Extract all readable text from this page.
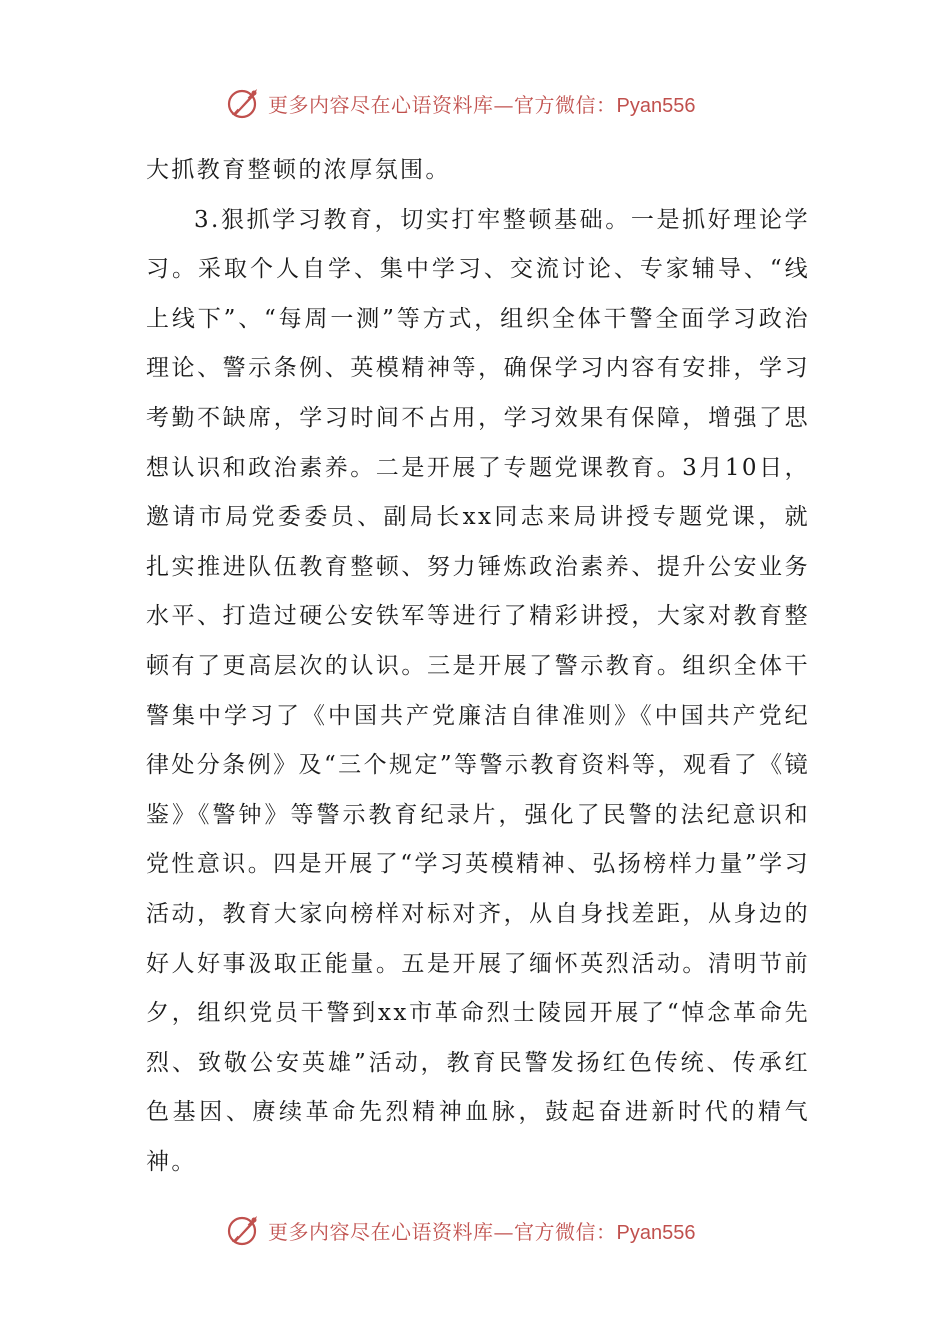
更多内容尽在心语资料库—官方微信：Pyan556

大抓教育整顿的浓厚氛围。

3.狠抓学习教育，切实打牢整顿基础。一是抓好理论学习。采取个人自学、集中学习、交流讨论、专家辅导、“线上线下”、“每周一测”等方式，组织全体干警全面学习政治理论、警示条例、英模精神等，确保学习内容有安排，学习考勤不缺席，学习时间不占用，学习效果有保障，增强了思想认识和政治素养。二是开展了专题党课教育。3月10日，邀请市局党委委员、副局长xx同志来局讲授专题党课，就扎实推进队伍教育整顿、努力锤炼政治素养、提升公安业务水平、打造过硬公安铁军等进行了精彩讲授，大家对教育整顿有了更高层次的认识。三是开展了警示教育。组织全体干警集中学习了《中国共产党廉洁自律准则》《中国共产党纪律处分条例》及“三个规定”等警示教育资料等，观看了《镜鉴》《警钟》等警示教育纪录片，强化了民警的法纪意识和党性意识。四是开展了“学习英模精神、弘扬榜样力量”学习活动，教育大家向榜样对标对齐，从自身找差距，从身边的好人好事汲取正能量。五是开展了缅怀英烈活动。清明节前夕，组织党员干警到xx市革命烈士陵园开展了“悼念革命先烈、致敬公安英雄”活动，教育民警发扬红色传统、传承红色基因、赓续革命先烈精神血脉，鼓起奋进新时代的精气神。

更多内容尽在心语资料库—官方微信：Pyan556
